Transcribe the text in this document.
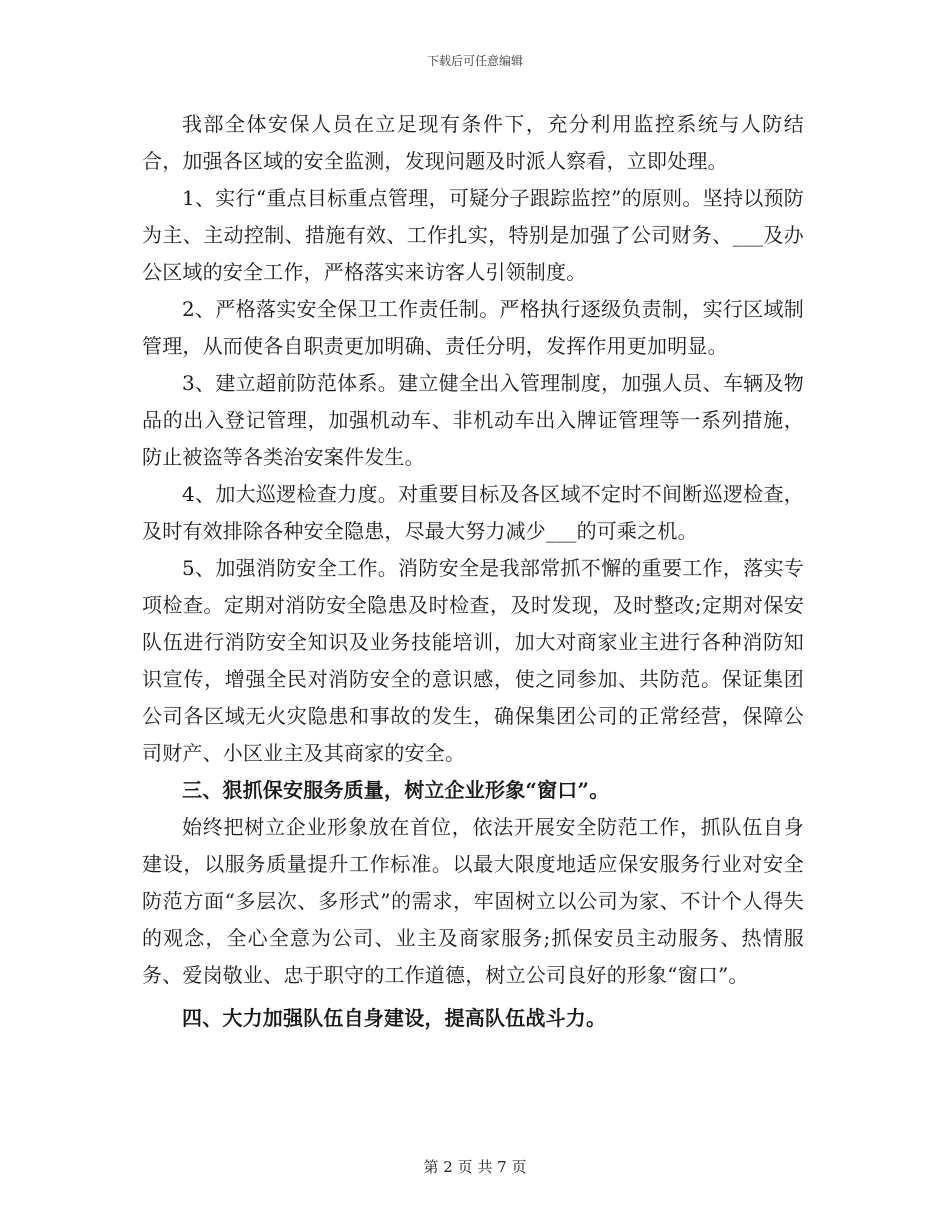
下载后可任意编辑

我部全体安保人员在立足现有条件下，充分利用监控系统与人防结合，加强各区域的安全监测，发现问题及时派人察看，立即处理。

1、实行“重点目标重点管理，可疑分子跟踪监控”的原则。坚持以预防为主、主动控制、措施有效、工作扎实，特别是加强了公司财务、___及办公区域的安全工作，严格落实来访客人引领制度。

2、严格落实安全保卫工作责任制。严格执行逐级负责制，实行区域制管理，从而使各自职责更加明确、责任分明，发挥作用更加明显。

3、建立超前防范体系。建立健全出入管理制度，加强人员、车辆及物品的出入登记管理，加强机动车、非机动车出入牌证管理等一系列措施，防止被盗等各类治安案件发生。

4、加大巡逻检查力度。对重要目标及各区域不定时不间断巡逻检查，及时有效排除各种安全隐患，尽最大努力减少___的可乘之机。

5、加强消防安全工作。消防安全是我部常抓不懈的重要工作，落实专项检查。定期对消防安全隐患及时检查，及时发现，及时整改;定期对保安队伍进行消防安全知识及业务技能培训，加大对商家业主进行各种消防知识宣传，增强全民对消防安全的意识感，使之同参加、共防范。保证集团公司各区域无火灾隐患和事故的发生，确保集团公司的正常经营，保障公司财产、小区业主及其商家的安全。

三、狠抓保安服务质量，树立企业形象“窗口”。

始终把树立企业形象放在首位，依法开展安全防范工作，抓队伍自身建设，以服务质量提升工作标准。以最大限度地适应保安服务行业对安全防范方面“多层次、多形式”的需求，牢固树立以公司为家、不计个人得失的观念，全心全意为公司、业主及商家服务;抓保安员主动服务、热情服务、爱岗敬业、忠于职守的工作道德，树立公司良好的形象“窗口”。

四、大力加强队伍自身建设，提高队伍战斗力。

第 2 页 共 7 页
